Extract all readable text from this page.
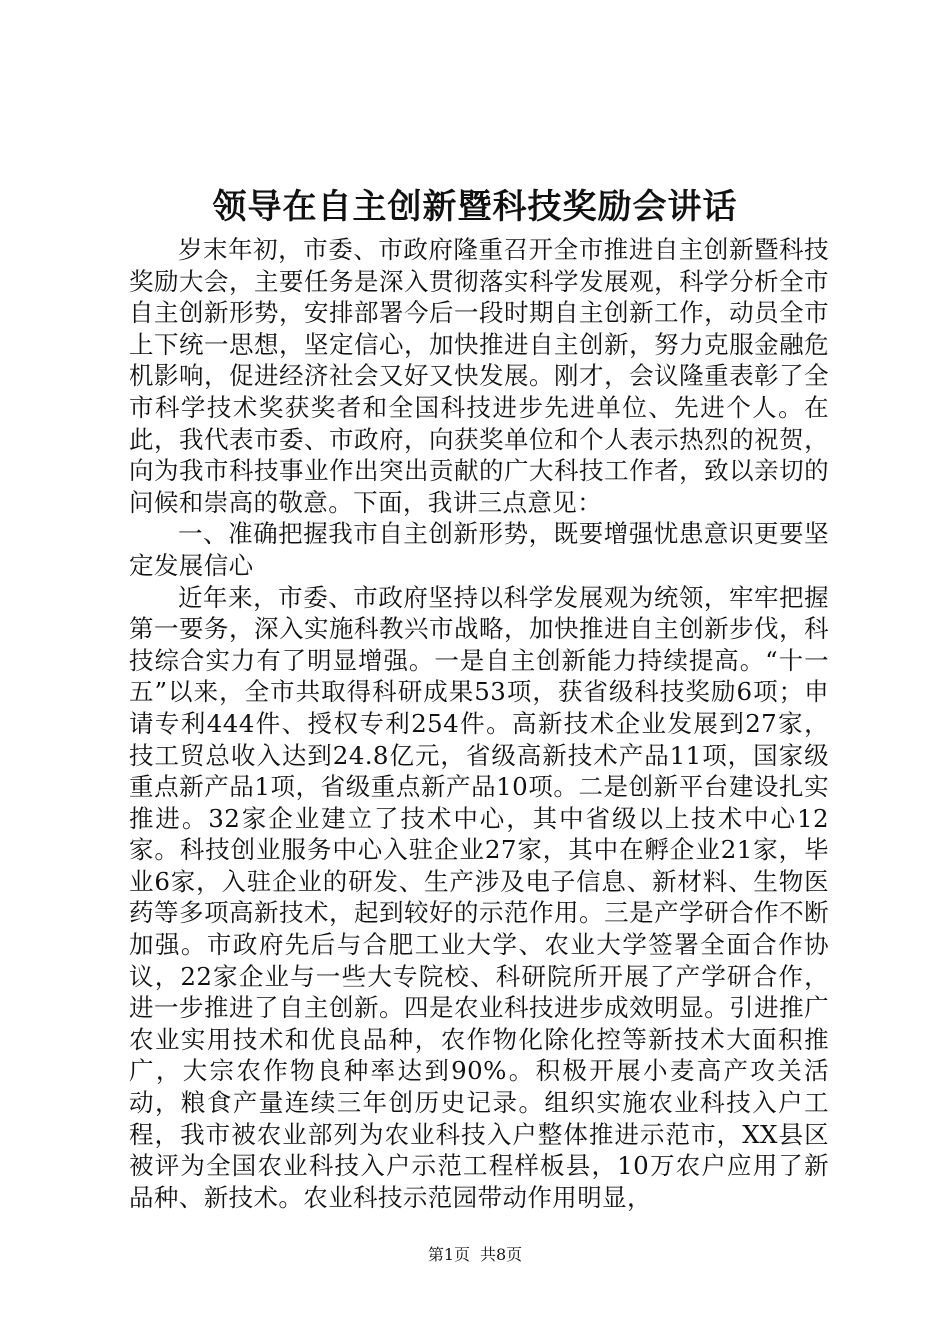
领导在自主创新暨科技奖励会讲话

岁末年初，市委、市政府隆重召开全市推进自主创新暨科技奖励大会，主要任务是深入贯彻落实科学发展观，科学分析全市自主创新形势，安排部署今后一段时期自主创新工作，动员全市上下统一思想，坚定信心，加快推进自主创新，努力克服金融危机影响，促进经济社会又好又快发展。刚才，会议隆重表彰了全市科学技术奖获奖者和全国科技进步先进单位、先进个人。在此，我代表市委、市政府，向获奖单位和个人表示热烈的祝贺，向为我市科技事业作出突出贡献的广大科技工作者，致以亲切的问候和崇高的敬意。下面，我讲三点意见：

一、准确把握我市自主创新形势，既要增强忧患意识更要坚定发展信心

近年来，市委、市政府坚持以科学发展观为统领，牢牢把握第一要务，深入实施科教兴市战略，加快推进自主创新步伐，科技综合实力有了明显增强。一是自主创新能力持续提高。“十一五”以来，全市共取得科研成果53项，获省级科技奖励6项；申请专利444件、授权专利254件。高新技术企业发展到27家，技工贸总收入达到24.8亿元，省级高新技术产品11项，国家级重点新产品1项，省级重点新产品10项。二是创新平台建设扎实推进。32家企业建立了技术中心，其中省级以上技术中心12家。科技创业服务中心入驻企业27家，其中在孵企业21家，毕业6家，入驻企业的研发、生产涉及电子信息、新材料、生物医药等多项高新技术，起到较好的示范作用。三是产学研合作不断加强。市政府先后与合肥工业大学、农业大学签署全面合作协议，22家企业与一些大专院校、科研院所开展了产学研合作，进一步推进了自主创新。四是农业科技进步成效明显。引进推广农业实用技术和优良品种，农作物化除化控等新技术大面积推广，大宗农作物良种率达到90%。积极开展小麦高产攻关活动，粮食产量连续三年创历史记录。组织实施农业科技入户工程，我市被农业部列为农业科技入户整体推进示范市，XX县区被评为全国农业科技入户示范工程样板县，10万农户应用了新品种、新技术。农业科技示范园带动作用明显，

第1页 共8页
